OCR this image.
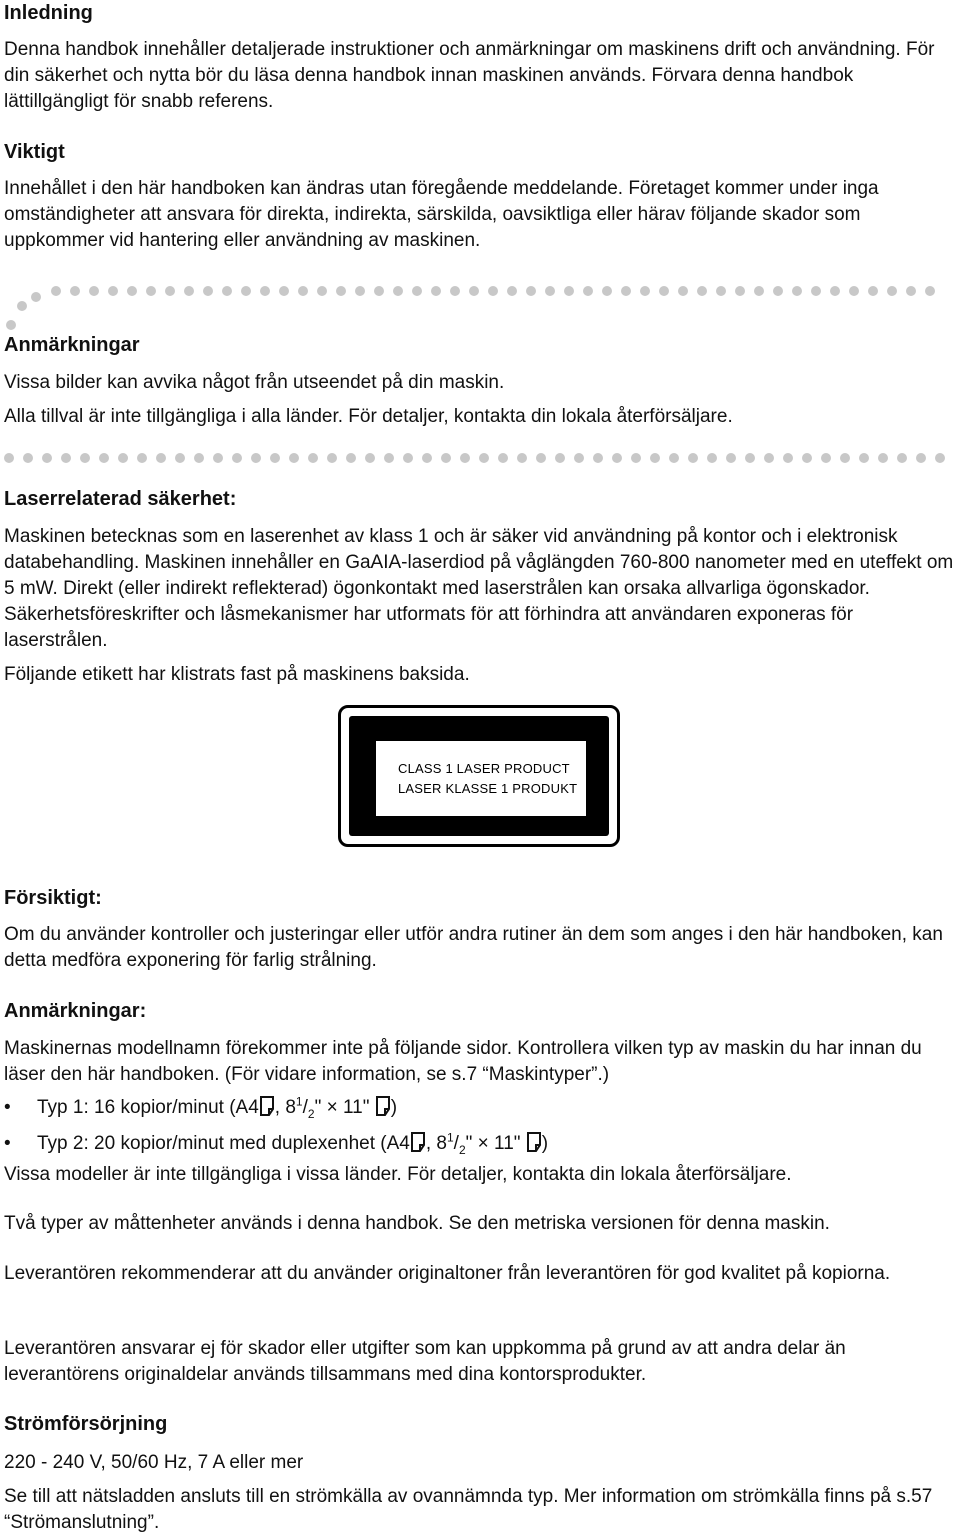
Inledning

Denna handbok innehåller detaljerade instruktioner och anmärkningar om maskinens drift och användning. För din säkerhet och nytta bör du läsa denna handbok innan maskinen används. Förvara denna handbok lättillgängligt för snabb referens.

Viktigt

Innehållet i den här handboken kan ändras utan föregående meddelande. Företaget kommer under inga omständigheter att ansvara för direkta, indirekta, särskilda, oavsiktliga eller härav följande skador som uppkommer vid hantering eller användning av maskinen.

Anmärkningar

Vissa bilder kan avvika något från utseendet på din maskin.

Alla tillval är inte tillgängliga i alla länder. För detaljer, kontakta din lokala återförsäljare.

Laserrelaterad säkerhet:

Maskinen betecknas som en laserenhet av klass 1 och är säker vid användning på kontor och i elektronisk databehandling. Maskinen innehåller en GaAIA-laserdiod på våglängden 760-800 nanometer med en uteffekt om 5 mW. Direkt (eller indirekt reflekterad) ögonkontakt med laserstrålen kan orsaka allvarliga ögonskador. Säkerhetsföreskrifter och låsmekanismer har utformats för att förhindra att användaren exponeras för laserstrålen.

Följande etikett har klistrats fast på maskinens baksida.

CLASS 1 LASER PRODUCT
LASER KLASSE 1 PRODUKT
Försiktigt:

Om du använder kontroller och justeringar eller utför andra rutiner än dem som anges i den här handboken, kan detta medföra exponering för farlig strålning.

Anmärkningar:

Maskinernas modellnamn förekommer inte på följande sidor. Kontrollera vilken typ av maskin du har innan du läser den här handboken. (För vidare information, se s.7 “Maskintyper”.)

• Typ 1: 16 kopior/minut (A4 , $8^1/_2$" × 11" )
• Typ 2: 20 kopior/minut med duplexenhet (A4 , $8^1/_2$" × 11" )

Vissa modeller är inte tillgängliga i vissa länder. För detaljer, kontakta din lokala återförsäljare.

Två typer av måttenheter används i denna handbok. Se den metriska versionen för denna maskin.

Leverantören rekommenderar att du använder originaltoner från leverantören för god kvalitet på kopiorna.

Leverantören ansvarar ej för skador eller utgifter som kan uppkomma på grund av att andra delar än leverantörens originaldelar används tillsammans med dina kontorsprodukter.

Strömförsörjning

220 - 240 V, 50/60 Hz, 7 A eller mer

Se till att nätsladden ansluts till en strömkälla av ovannämnda typ. Mer information om strömkälla finns på s.57 “Strömanslutning”.
